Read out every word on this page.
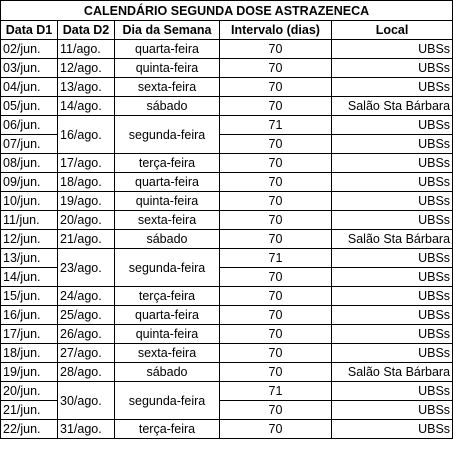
CALENDÁRIO SEGUNDA DOSE ASTRAZENECA				
Data D1	Data D2	Dia da Semana	Intervalo (dias)	Local
02/jun.	11/ago.	quarta-feira	70	UBSs
03/jun.	12/ago.	quinta-feira	70	UBSs
04/jun.	13/ago.	sexta-feira	70	UBSs
05/jun.	14/ago.	sábado	70	Salão Sta Bárbara
06/jun.	16/ago.	segunda-feira	71	UBSs
07/jun.			70	UBSs
08/jun.	17/ago.	terça-feira	70	UBSs
09/jun.	18/ago.	quarta-feira	70	UBSs
10/jun.	19/ago.	quinta-feira	70	UBSs
11/jun.	20/ago.	sexta-feira	70	UBSs
12/jun.	21/ago.	sábado	70	Salão Sta Bárbara
13/jun.	23/ago.	segunda-feira	71	UBSs
14/jun.			70	UBSs
15/jun.	24/ago.	terça-feira	70	UBSs
16/jun.	25/ago.	quarta-feira	70	UBSs
17/jun.	26/ago.	quinta-feira	70	UBSs
18/jun.	27/ago.	sexta-feira	70	UBSs
19/jun.	28/ago.	sábado	70	Salão Sta Bárbara
20/jun.	30/ago.	segunda-feira	71	UBSs
21/jun.			70	UBSs
22/jun.	31/ago.	terça-feira	70	UBSs
